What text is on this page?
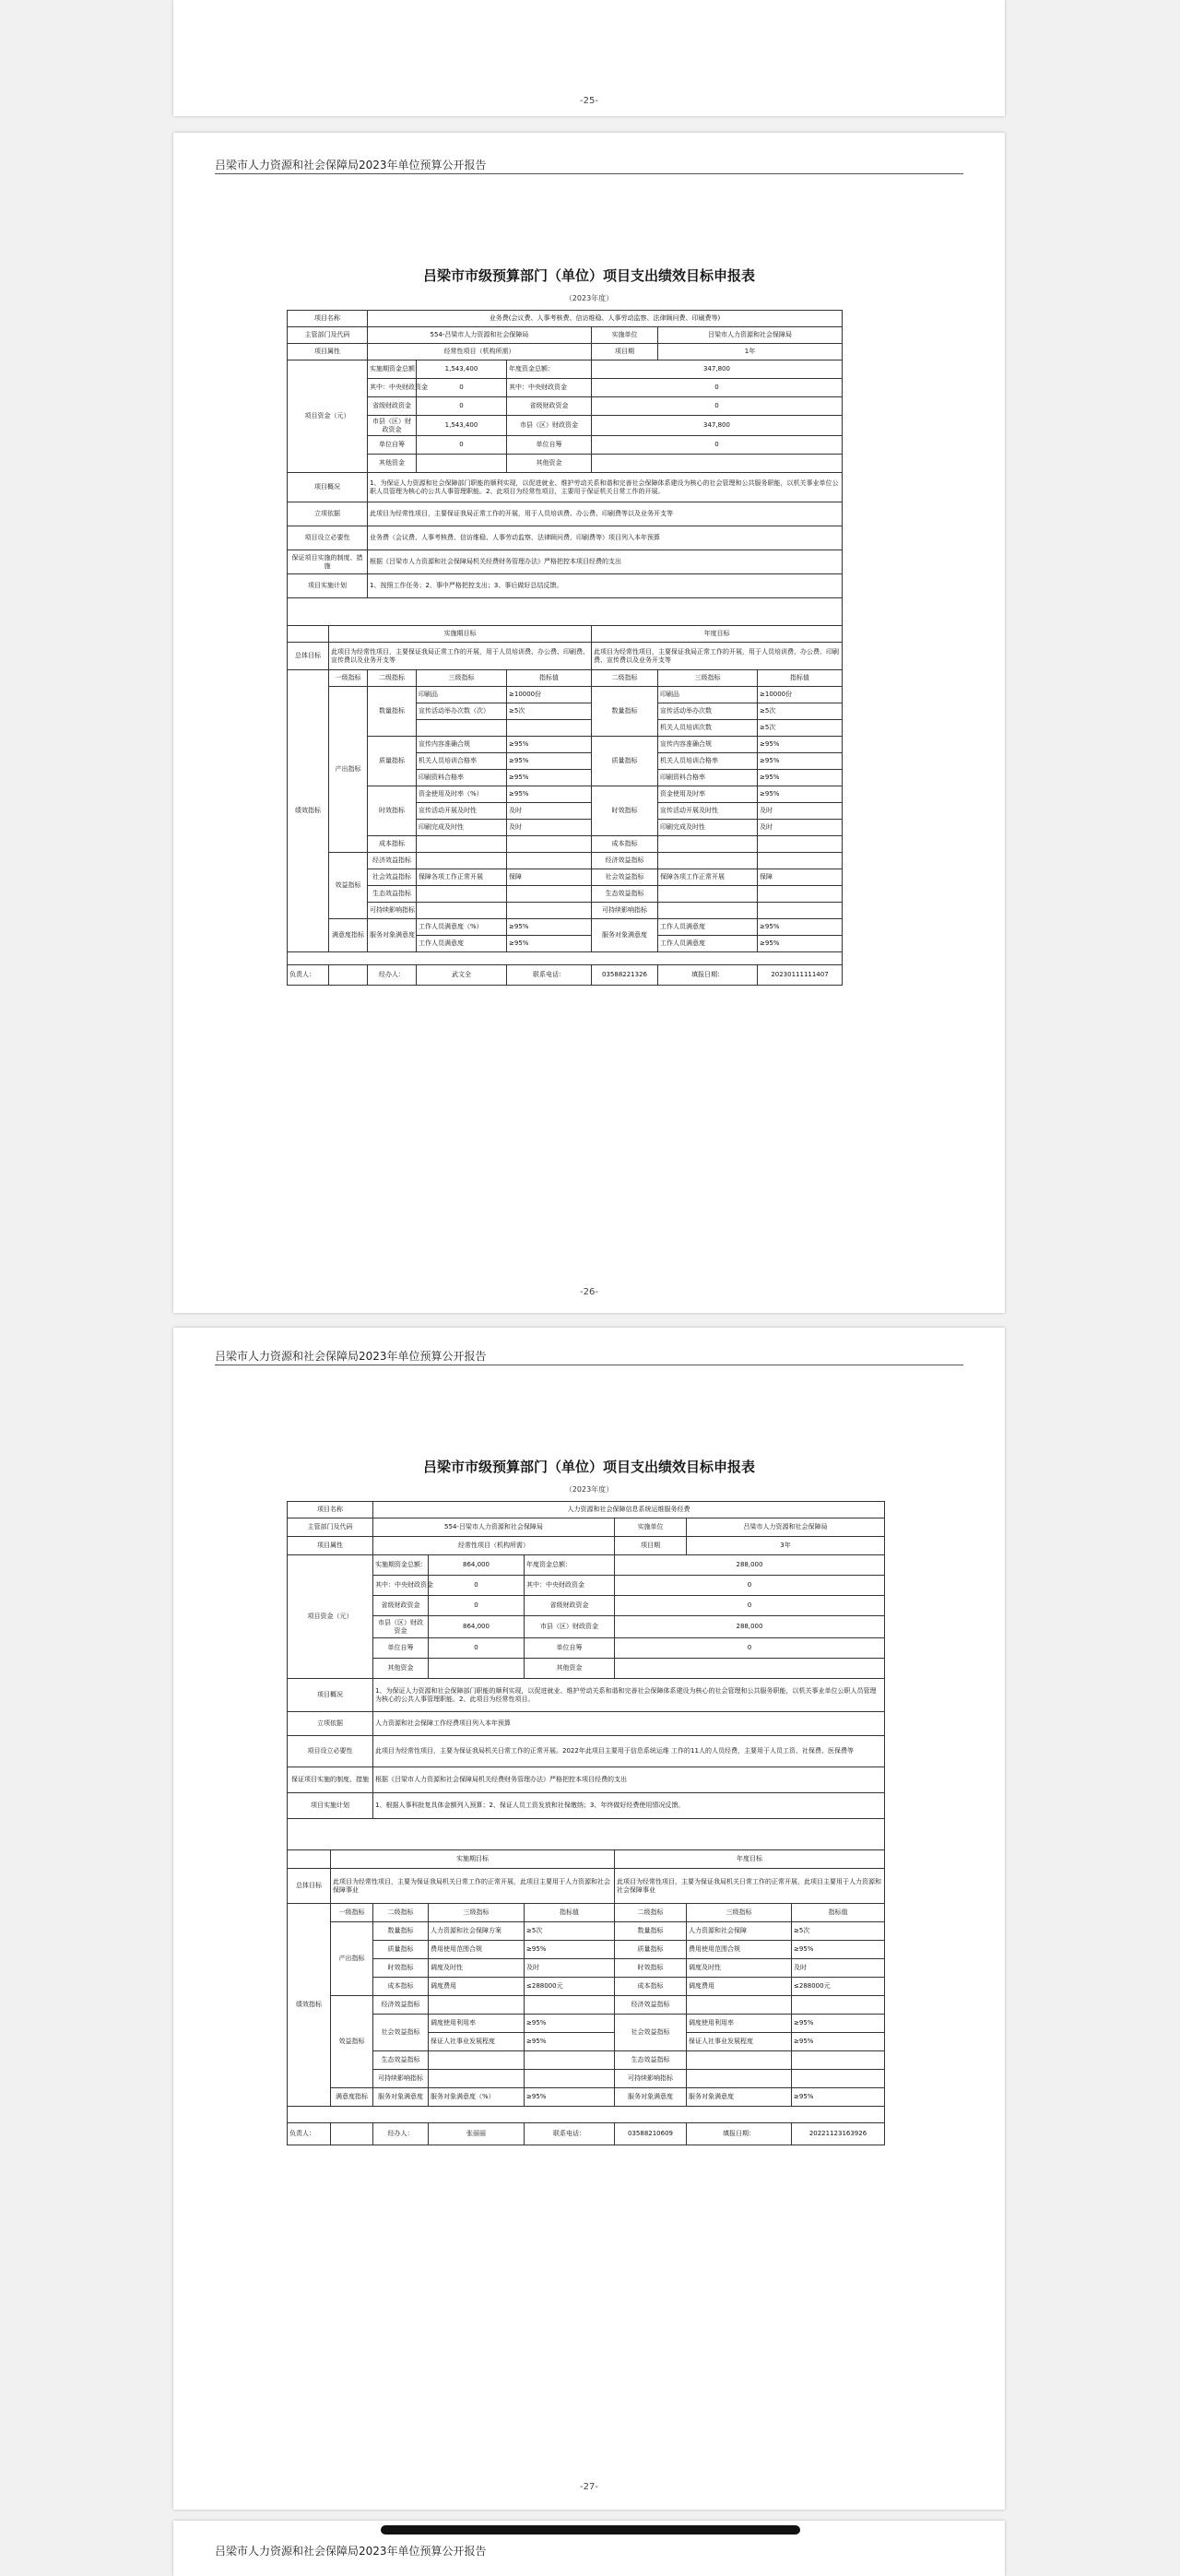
-25-
吕梁市人力资源和社会保障局2023年单位预算公开报告
吕梁市市级预算部门（单位）项目支出绩效目标申报表
（2023年度）
项目名称		业务费(会议费、人事考核费、信访维稳、人事劳动监察、法律顾问费、印刷费等)					
主管部门及代码		554-吕梁市人力资源和社会保障局			实施单位	吕梁市人力资源和社会保障局	
项目属性		经常性项目（机构所需）			项目期	1年	
项目资金（元）		实施期资金总额：	1,543,400	年度资金总额：	347,800		
		其中：中央财政资金	0	其中：中央财政资金	0		
		省级财政资金	0	省级财政资金	0		
		市县（区）财政资金	1,543,400	市县（区）财政资金	347,800		
		单位自筹	0	单位自筹	0		
		其他资金		其他资金			
项目概况		1、为保证人力资源和社会保障部门职能的顺利实现，以促进就业、维护劳动关系和谐和完善社会保障体系建设为核心的社会管理和公共服务职能，以机关事业单位公职人员管理为核心的公共人事管理职能。2、此项目为经常性项目，主要用于保证机关日常工作的开展。					
立项依据		此项目为经常性项目，主要保证我局正常工作的开展，用于人员培训费、办公费、印刷费等以及业务开支等					
项目设立必要性		业务费（会议费、人事考核费、信访维稳、人事劳动监察、法律顾问费、印刷费等）项目列入本年预算					
保证项目实施的制度、措施		根据《吕梁市人力资源和社会保障局机关经费财务管理办法》严格把控本项目经费的支出					
项目实施计划		1、按照工作任务；2、事中严格把控支出；3、事后做好总结反馈。					

	实施期目标				年度目标		
总体目标	此项目为经常性项目，主要保证我局正常工作的开展，用于人员培训费、办公费、印刷费、宣传费以及业务开支等				此项目为经常性项目，主要保证我局正常工作的开展，用于人员培训费、办公费、印刷费、宣传费以及业务开支等		
绩效指标	一级指标	二级指标	三级指标	指标值	二级指标	三级指标	指标值
	产出指标	数量指标	印刷品	≥10000份	数量指标	印刷品	≥10000份
			宣传活动举办次数（次）	≥5次		宣传活动举办次数	≥5次
						机关人员培训次数	≥5次
		质量指标	宣传内容准确合规	≥95%	质量指标	宣传内容准确合规	≥95%
			机关人员培训合格率	≥95%		机关人员培训合格率	≥95%
			印刷资料合格率	≥95%		印刷资料合格率	≥95%
		时效指标	资金使用及时率（%）	≥95%	时效指标	资金使用及时率	≥95%
			宣传活动开展及时性	及时		宣传活动开展及时性	及时
			印刷完成及时性	及时		印刷完成及时性	及时
		成本指标			成本指标		
	效益指标	经济效益指标			经济效益指标		
		社会效益指标	保障各项工作正常开展	保障	社会效益指标	保障各项工作正常开展	保障
		生态效益指标			生态效益指标		
		可持续影响指标			可持续影响指标		
	满意度指标	服务对象满意度	工作人员满意度（%）	≥95%	服务对象满意度	工作人员满意度	≥95%
			工作人员满意度	≥95%		工作人员满意度	≥95%

负责人：		经办人：	武文全	联系电话：	03588221326	填报日期：	20230111111407
-26-
吕梁市人力资源和社会保障局2023年单位预算公开报告
吕梁市市级预算部门（单位）项目支出绩效目标申报表
（2023年度）
项目名称		人力资源和社会保障信息系统运维服务经费					
主管部门及代码		554-吕梁市人力资源和社会保障局			实施单位	吕梁市人力资源和社会保障局	
项目属性		经常性项目（机构所需）			项目期	3年	
项目资金（元）		实施期资金总额：	864,000	年度资金总额：	288,000		
		其中：中央财政资金	0	其中：中央财政资金	0		
		省级财政资金	0	省级财政资金	0		
		市县（区）财政资金	864,000	市县（区）财政资金	288,000		
		单位自筹	0	单位自筹	0		
		其他资金		其他资金			
项目概况		1、为保证人力资源和社会保障部门职能的顺利实现，以促进就业、维护劳动关系和谐和完善社会保障体系建设为核心的社会管理和公共服务职能，以机关事业单位公职人员管理为核心的公共人事管理职能。2、此项目为经常性项目。					
立项依据		人力资源和社会保障工作经费项目列入本年预算					
项目设立必要性		此项目为经常性项目，主要为保证我局机关日常工作的正常开展。2022年此项目主要用于信息系统运维 工作的11人的人员经费，主要用于人员工资、社保费、医保费等					
保证项目实施的制度、措施		根据《吕梁市人力资源和社会保障局机关经费财务管理办法》严格把控本项目经费的支出					
项目实施计划		1、根据人事科批复具体金额列入预算；2、保证人员工资发放和社保缴纳；3、年终做好经费使用情况反馈。					

	实施期目标				年度目标		
总体目标	此项目为经常性项目，主要为保证我局机关日常工作的正常开展，此项目主要用于人力资源和社会保障事业				此项目为经常性项目，主要为保证我局机关日常工作的正常开展，此项目主要用于人力资源和社会保障事业		
绩效指标	一级指标	二级指标	三级指标	指标值	二级指标	三级指标	指标值
	产出指标	数量指标	人力资源和社会保障方案	≥5次	数量指标	人力资源和社会保障	≥5次
		质量指标	费用使用范围合规	≥95%	质量指标	费用使用范围合规	≥95%
		时效指标	调度及时性	及时	时效指标	调度及时性	及时
		成本指标	调度费用	≤288000元	成本指标	调度费用	≤288000元
	效益指标	经济效益指标			经济效益指标		
		社会效益指标	调度使用利用率	≥95%	社会效益指标	调度使用利用率	≥95%
			保证人社事业发展程度	≥95%		保证人社事业发展程度	≥95%
		生态效益指标			生态效益指标		
		可持续影响指标			可持续影响指标		
	满意度指标	服务对象满意度	服务对象满意度（%）	≥95%	服务对象满意度	服务对象满意度	≥95%

负责人：		经办人：	张丽丽	联系电话：	03588210609	填报日期：	20221123163926
-27-
吕梁市人力资源和社会保障局2023年单位预算公开报告
